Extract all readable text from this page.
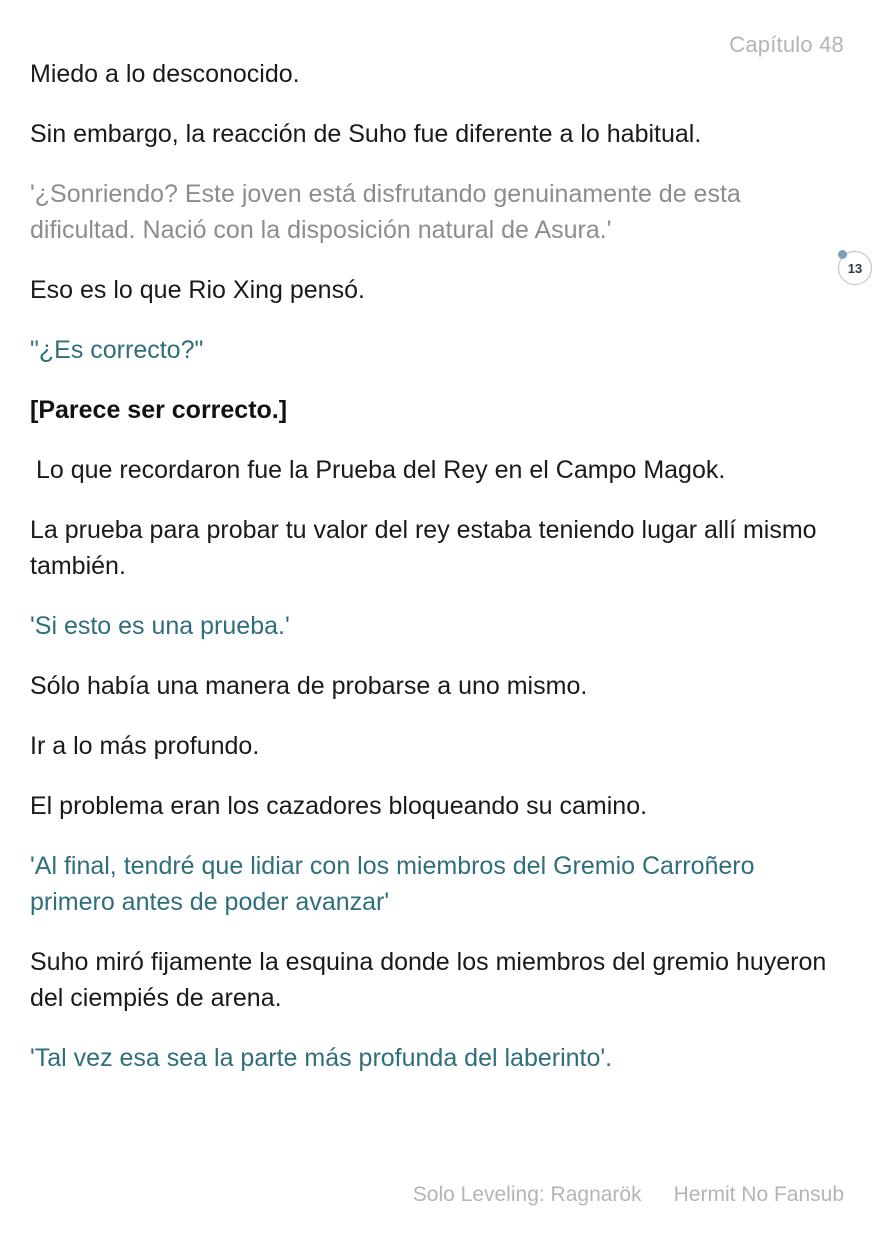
Capítulo 48

Miedo a lo desconocido.

Sin embargo, la reacción de Suho fue diferente a lo habitual.

'¿Sonriendo? Este joven está disfrutando genuinamente de esta dificultad. Nació con la disposición natural de Asura.'

Eso es lo que Rio Xing pensó.

"¿Es correcto?"

[Parece ser correcto.]

Lo que recordaron fue la Prueba del Rey en el Campo Magok.

La prueba para probar tu valor del rey estaba teniendo lugar allí mismo también.

'Si esto es una prueba.'

Sólo había una manera de probarse a uno mismo.

Ir a lo más profundo.

El problema eran los cazadores bloqueando su camino.

'Al final, tendré que lidiar con los miembros del Gremio Carroñero primero antes de poder avanzar'

Suho miró fijamente la esquina donde los miembros del gremio huyeron del ciempiés de arena.

'Tal vez esa sea la parte más profunda del laberinto'.

13
Solo Leveling: Ragnarök Hermit No Fansub
